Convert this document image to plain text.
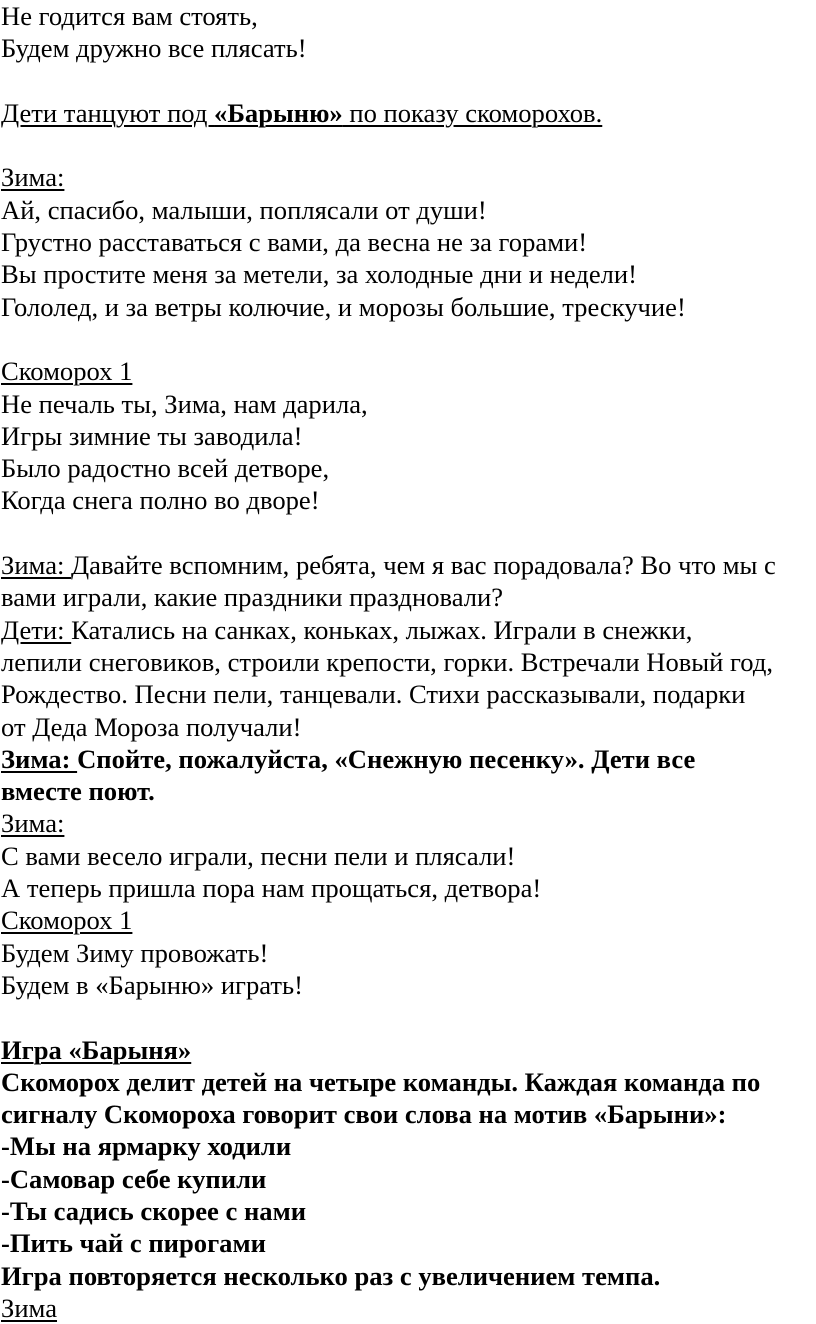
Не годится вам стоять,
Будем дружно все плясать!
Дети танцуют под «Барыню» по показу скоморохов.
Зима:
Ай, спасибо, малыши, поплясали от души!
Грустно расставаться с вами, да весна не за горами!
Вы простите меня за метели, за холодные дни и недели!
Гололед, и за ветры колючие, и морозы большие, трескучие!
Скоморох 1
Не печаль ты, Зима, нам дарила,
Игры зимние ты заводила!
Было радостно всей детворе,
Когда снега полно во дворе!
Зима: Давайте вспомним, ребята, чем я вас порадовала? Во что мы с
вами играли, какие праздники праздновали?
Дети: Катались на санках, коньках, лыжах. Играли в снежки,
лепили снеговиков, строили крепости, горки. Встречали Новый год,
Рождество. Песни пели, танцевали. Стихи рассказывали, подарки
от Деда Мороза получали!
Зима: Спойте, пожалуйста, «Снежную песенку». Дети все
вместе поют.
Зима:
С вами весело играли, песни пели и плясали!
А теперь пришла пора нам прощаться, детвора!
Скоморох 1
Будем Зиму провожать!
Будем в «Барыню» играть!
Игра «Барыня»
Скоморох делит детей на четыре команды. Каждая команда по
сигналу Скомороха говорит свои слова на мотив «Барыни»:
-Мы на ярмарку ходили
-Самовар себе купили
-Ты садись скорее с нами
-Пить чай с пирогами
Игра повторяется несколько раз с увеличением темпа.
Зима
